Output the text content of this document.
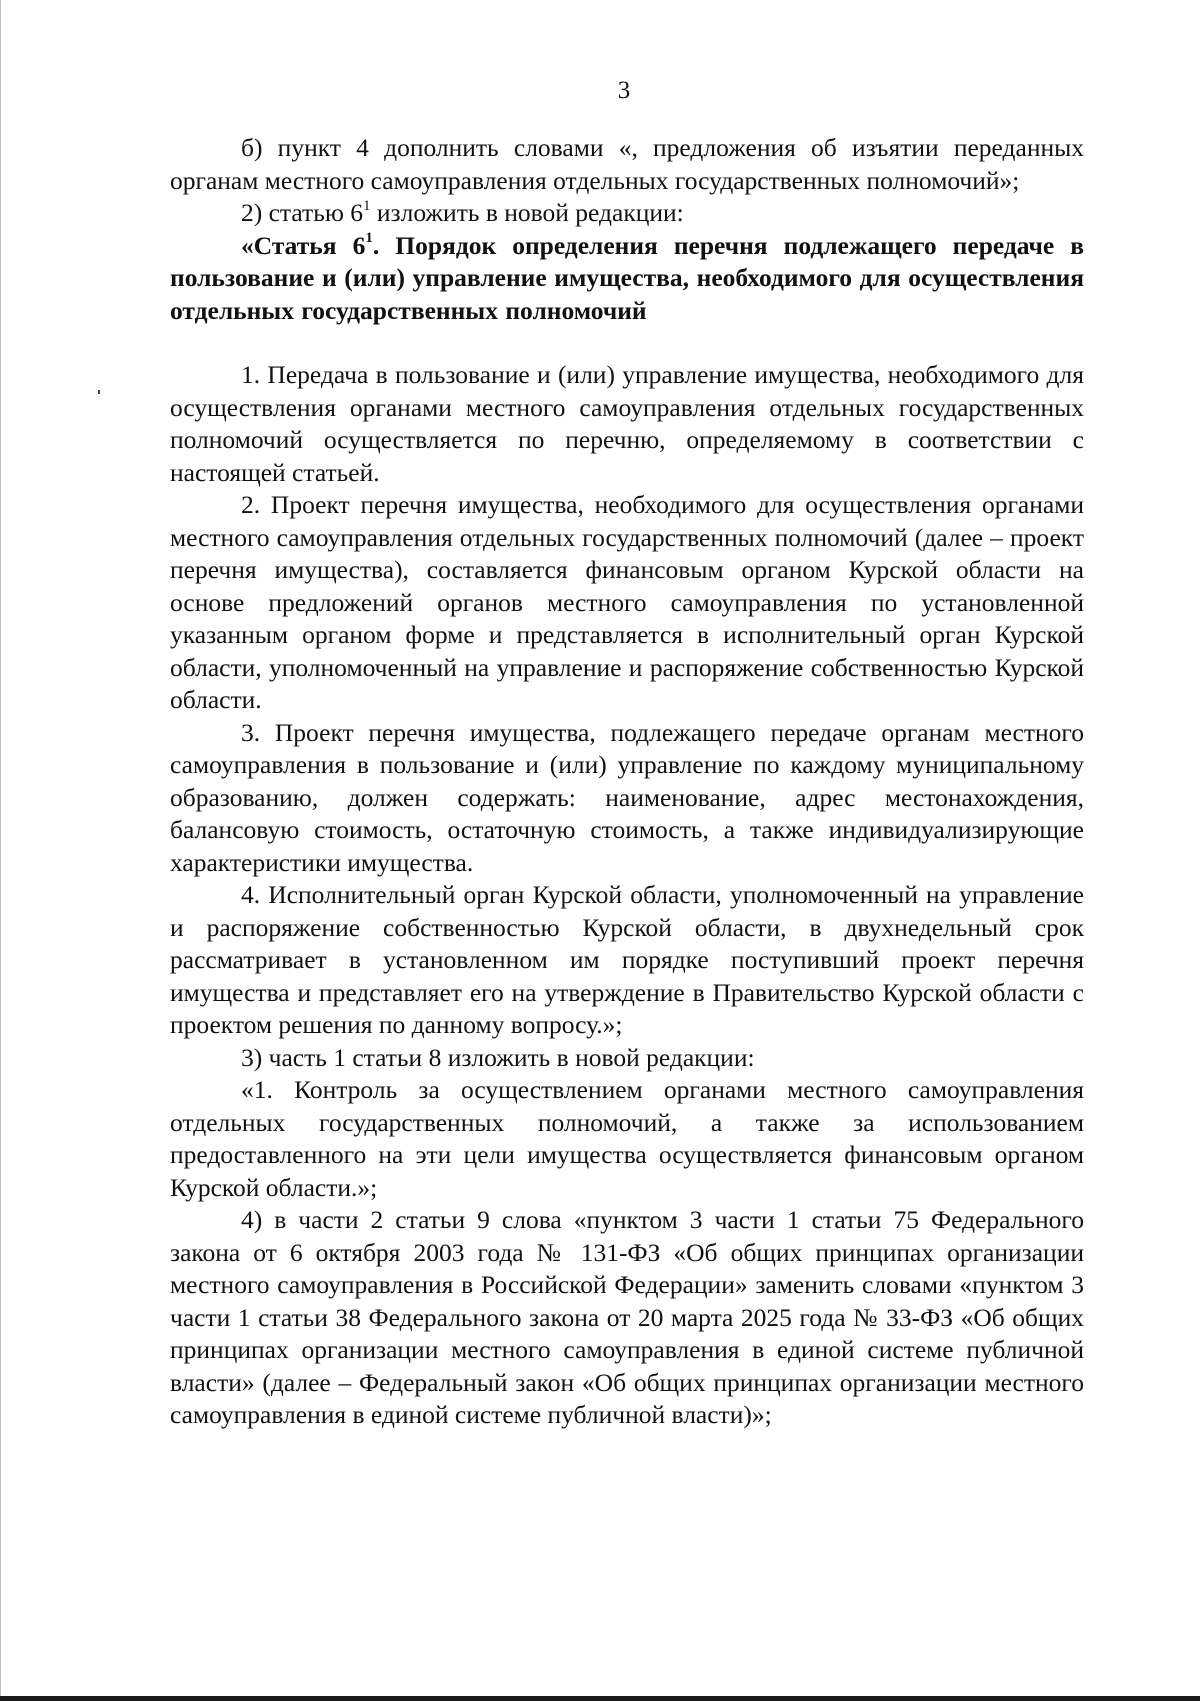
3

б) пункт 4 дополнить словами «, предложения об изъятии переданных органам местного самоуправления отдельных государственных полномочий»;

2) статью $6^1$ изложить в новой редакции:

«Статья $6^1$. Порядок определения перечня подлежащего передаче в пользование и (или) управление имущества, необходимого для осуществления отдельных государственных полномочий

1. Передача в пользование и (или) управление имущества, необходимого для осуществления органами местного самоуправления отдельных государственных полномочий осуществляется по перечню, определяемому в соответствии с настоящей статьей.

2. Проект перечня имущества, необходимого для осуществления органами местного самоуправления отдельных государственных полномочий (далее – проект перечня имущества), составляется финансовым органом Курской области на основе предложений органов местного самоуправления по установленной указанным органом форме и представляется в исполнительный орган Курской области, уполномоченный на управление и распоряжение собственностью Курской области.

3. Проект перечня имущества, подлежащего передаче органам местного самоуправления в пользование и (или) управление по каждому муниципальному образованию, должен содержать: наименование, адрес местонахождения, балансовую стоимость, остаточную стоимость, а также индивидуализирующие характеристики имущества.

4. Исполнительный орган Курской области, уполномоченный на управление и распоряжение собственностью Курской области, в двухнедельный срок рассматривает в установленном им порядке поступивший проект перечня имущества и представляет его на утверждение в Правительство Курской области с проектом решения по данному вопросу.»;

3) часть 1 статьи 8 изложить в новой редакции:

«1. Контроль за осуществлением органами местного самоуправления отдельных государственных полномочий, а также за использованием предоставленного на эти цели имущества осуществляется финансовым органом Курской области.»;

4) в части 2 статьи 9 слова «пунктом 3 части 1 статьи 75 Федерального закона от 6 октября 2003 года № 131-ФЗ «Об общих принципах организации местного самоуправления в Российской Федерации» заменить словами «пунктом 3 части 1 статьи 38 Федерального закона от 20 марта 2025 года № 33-ФЗ «Об общих принципах организации местного самоуправления в единой системе публичной власти» (далее – Федеральный закон «Об общих принципах организации местного самоуправления в единой системе публичной власти)»;
